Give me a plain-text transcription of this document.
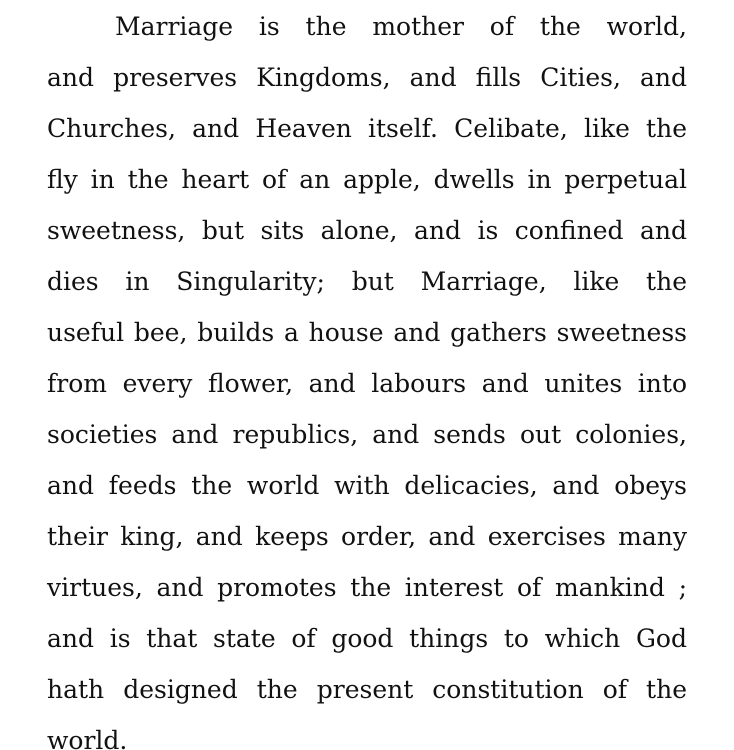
Marriage is the mother of the world,
and preserves Kingdoms, and fills Cities, and
Churches, and Heaven itself. Celibate, like the
fly in the heart of an apple, dwells in perpetual
sweetness, but sits alone, and is confined and
dies in Singularity; but Marriage, like the
useful bee, builds a house and gathers sweetness
from every flower, and labours and unites into
societies and republics, and sends out colonies,
and feeds the world with delicacies, and obeys
their king, and keeps order, and exercises many
virtues, and promotes the interest of mankind ;
and is that state of good things to which God
hath designed the present constitution of the
world.
